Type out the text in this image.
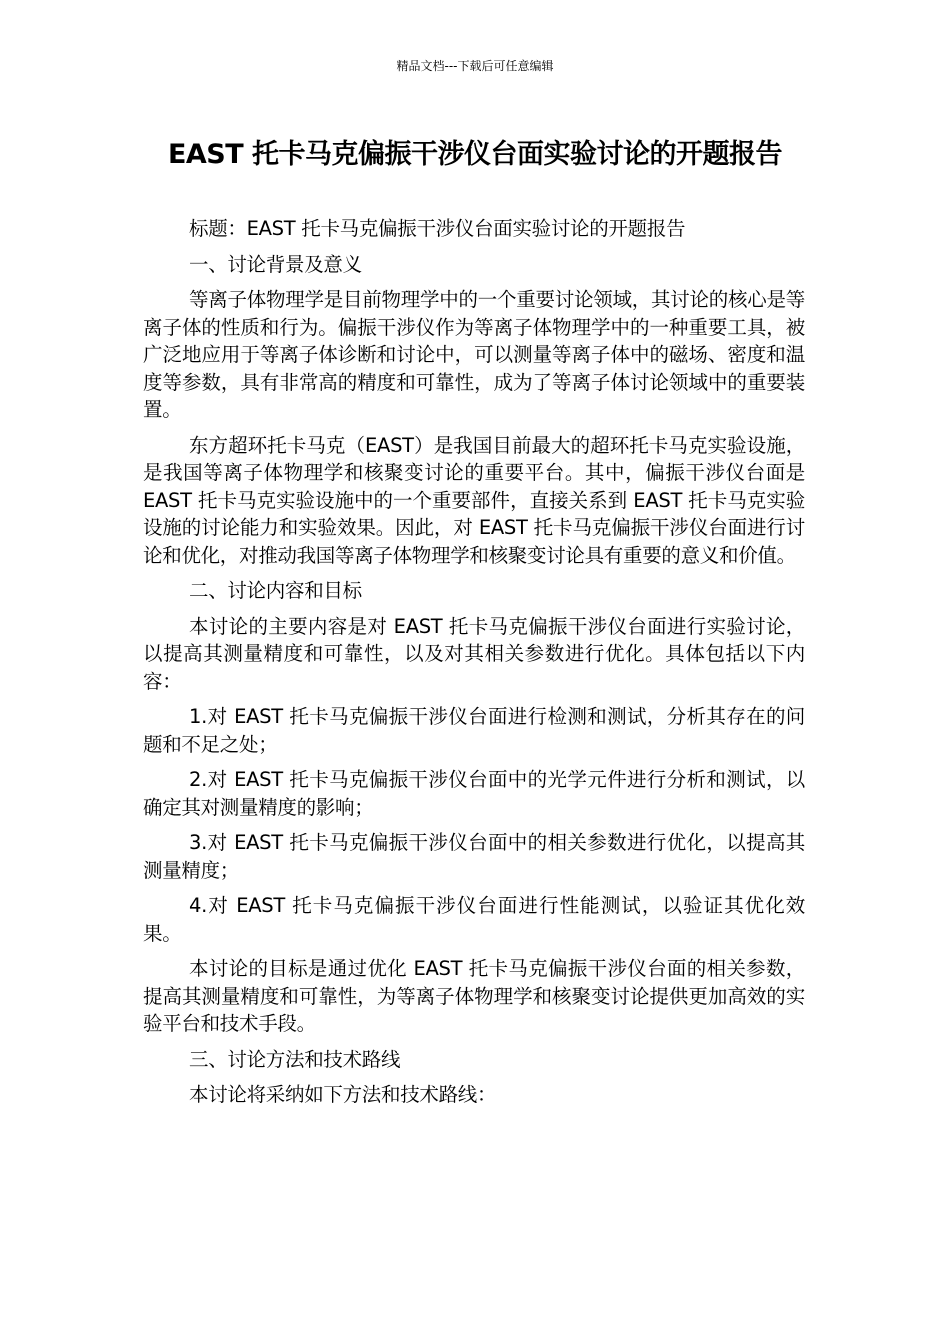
精品文档---下载后可任意编辑
EAST 托卡马克偏振干涉仪台面实验讨论的开题报告

标题：EAST 托卡马克偏振干涉仪台面实验讨论的开题报告

一、讨论背景及意义

等离子体物理学是目前物理学中的一个重要讨论领域，其讨论的核心是等离子体的性质和行为。偏振干涉仪作为等离子体物理学中的一种重要工具，被广泛地应用于等离子体诊断和讨论中，可以测量等离子体中的磁场、密度和温度等参数，具有非常高的精度和可靠性，成为了等离子体讨论领域中的重要装置。

东方超环托卡马克（EAST）是我国目前最大的超环托卡马克实验设施，是我国等离子体物理学和核聚变讨论的重要平台。其中，偏振干涉仪台面是 EAST 托卡马克实验设施中的一个重要部件，直接关系到 EAST 托卡马克实验设施的讨论能力和实验效果。因此，对 EAST 托卡马克偏振干涉仪台面进行讨论和优化，对推动我国等离子体物理学和核聚变讨论具有重要的意义和价值。

二、讨论内容和目标

本讨论的主要内容是对 EAST 托卡马克偏振干涉仪台面进行实验讨论，以提高其测量精度和可靠性，以及对其相关参数进行优化。具体包括以下内容：

1.对 EAST 托卡马克偏振干涉仪台面进行检测和测试，分析其存在的问题和不足之处；

2.对 EAST 托卡马克偏振干涉仪台面中的光学元件进行分析和测试，以确定其对测量精度的影响；

3.对 EAST 托卡马克偏振干涉仪台面中的相关参数进行优化，以提高其测量精度；

4.对 EAST 托卡马克偏振干涉仪台面进行性能测试，以验证其优化效果。

本讨论的目标是通过优化 EAST 托卡马克偏振干涉仪台面的相关参数，提高其测量精度和可靠性，为等离子体物理学和核聚变讨论提供更加高效的实验平台和技术手段。

三、讨论方法和技术路线

本讨论将采纳如下方法和技术路线：
